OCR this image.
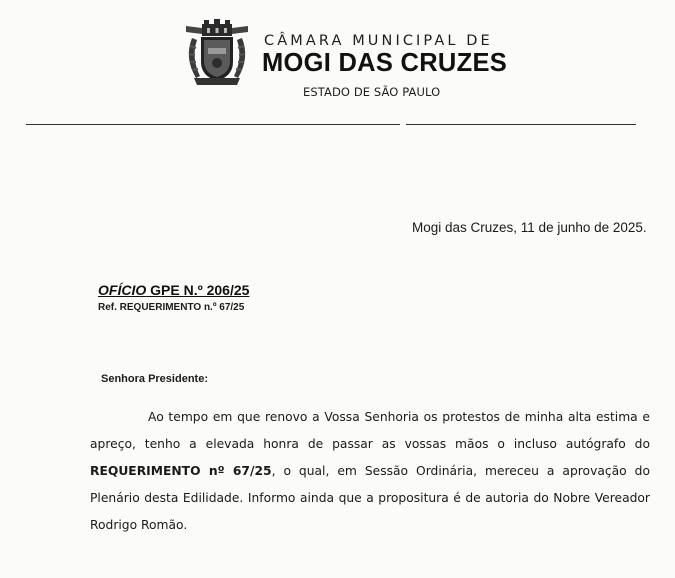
CÂMARA MUNICIPAL DE
MOGI DAS CRUZES
ESTADO DE SÃO PAULO
Mogi das Cruzes, 11 de junho de 2025.
OFÍCIO GPE N.º 206/25
Ref. REQUERIMENTO n.º 67/25
Senhora Presidente:
Ao tempo em que renovo a Vossa Senhoria os protestos de minha alta estima e apreço, tenho a elevada honra de passar as vossas mãos o incluso autógrafo do REQUERIMENTO nº 67/25, o qual, em Sessão Ordinária, mereceu a aprovação do Plenário desta Edilidade. Informo ainda que a propositura é de autoria do Nobre Vereador Rodrigo Romão.
